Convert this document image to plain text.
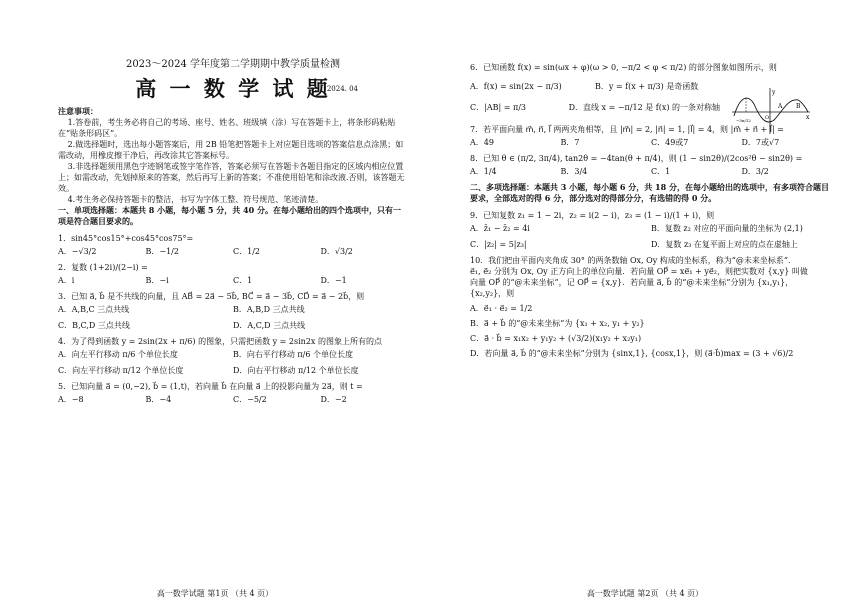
2023～2024 学年度第二学期期中教学质量检测
高 一 数 学 试 题
2024. 04
注意事项：
1.答卷前，考生务必将自己的考场、座号、姓名、班级填（涂）写在答题卡上，将条形码粘贴在“贴条形码区”。
2.做选择题时，选出每小题答案后，用 2B 铅笔把答题卡上对应题目选项的答案信息点涂黑；如需改动，用橡皮擦干净后，再改涂其它答案标号。
3.非选择题须用黑色字迹钢笔或签字笔作答，答案必须写在答题卡各题目指定的区域内相应位置上；如需改动，先划掉原来的答案，然后再写上新的答案；不准使用铅笔和涂改液.否则，该答题无效。
4.考生务必保持答题卡的整洁，书写为字体工整、符号规范、笔迹清楚。
一、单项选择题：本题共 8 小题，每小题 5 分，共 40 分。在每小题给出的四个选项中，只有一项是符合题目要求的。
1．sin45°cos15°+cos45°cos75°=
A．−√3/2	B．−1/2	C．1/2	D．√3/2
2．复数 (1+2i)/(2−i) =
A．i	B．−i	C．1	D．−1
3．已知 a⃗, b⃗ 是不共线的向量，且 AB⃗ = 2a⃗ − 5b⃗, BC⃗ = a⃗ − 3b⃗, CD⃗ = a⃗ − 2b⃗，则
A．A,B,C 三点共线	B．A,B,D 三点共线
C．B,C,D 三点共线	D．A,C,D 三点共线
4．为了得到函数 y = 2sin(2x + π/6) 的图象，只需把函数 y = 2sin2x 的图象上所有的点
A．向左平行移动 π/6 个单位长度	B．向右平行移动 π/6 个单位长度
C．向左平行移动 π/12 个单位长度	D．向右平行移动 π/12 个单位长度
5．已知向量 a⃗ = (0,−2), b⃗ = (1,t)，若向量 b⃗ 在向量 a⃗ 上的投影向量为 2a⃗，则 t =
A．−8	B．−4	C．−5/2	D．−2
高一数学试题 第1页 （共 4 页）
6．已知函数 f(x) = sin(ωx + φ)(ω > 0, −π/2 < φ < π/2) 的部分图象如图所示，则
A．f(x) = sin(2x − π/3)	B．y = f(x + π/3) 是奇函数
C．|AB| = π/3	D．直线 x = −π/12 是 f(x) 的一条对称轴
y
x
O
A B
−5π/12
7．若平面向量 m⃗, n⃗, l⃗ 两两夹角相等，且 |m⃗| = 2, |n⃗| = 1, |l⃗| = 4，则 |m⃗ + n⃗ + l⃗| =
A．49	B．7	C．49或7	D．7或√7
8．已知 θ ∈ (π/2, 3π/4), tan2θ = −4tan(θ + π/4)，则 (1 − sin2θ)/(2cos²θ − sin2θ) =
A．1/4	B．3/4	C．1	D．3/2
二、多项选择题：本题共 3 小题，每小题 6 分，共 18 分，在每小题给出的选项中，有多项符合题目要求，全部选对的得 6 分，部分选对的得部分分，有选错的得 0 分。
9．已知复数 z₁ = 1 − 2i，z₂ = i(2 − i)，z₃ = (1 − i)/(1 + i)，则
A．z̄₁ − z̄₂ = 4i	B．复数 z₂ 对应的平面向量的坐标为 (2,1)
C．|z₂| = 5|z₃|	D．复数 z₃ 在复平面上对应的点在虚轴上
10．我们把由平面内夹角成 30° 的两条数轴 Ox, Oy 构成的坐标系，称为“@未来坐标系”．
e⃗₁, e⃗₂ 分别为 Ox, Oy 正方向上的单位向量．若向量 OP⃗ = xe⃗₁ + ye⃗₂，则把实数对 {x,y} 叫做
向量 OP⃗ 的“@未来坐标”，记 OP⃗ = {x,y}．若向量 a⃗, b⃗ 的“@未来坐标”分别为 {x₁,y₁}，
{x₂,y₂}，则
A．e⃗₁ · e⃗₂ = 1/2
B．a⃗ + b⃗ 的“@未来坐标”为 {x₁ + x₂, y₁ + y₂}
C．a⃗ · b⃗ = x₁x₂ + y₁y₂ + (√3/2)(x₁y₂ + x₂y₁)
D．若向量 a⃗, b⃗ 的“@未来坐标”分别为 {sinx,1}, {cosx,1}，则 (a⃗·b⃗)max = (3 + √6)/2
高一数学试题 第2页 （共 4 页）
